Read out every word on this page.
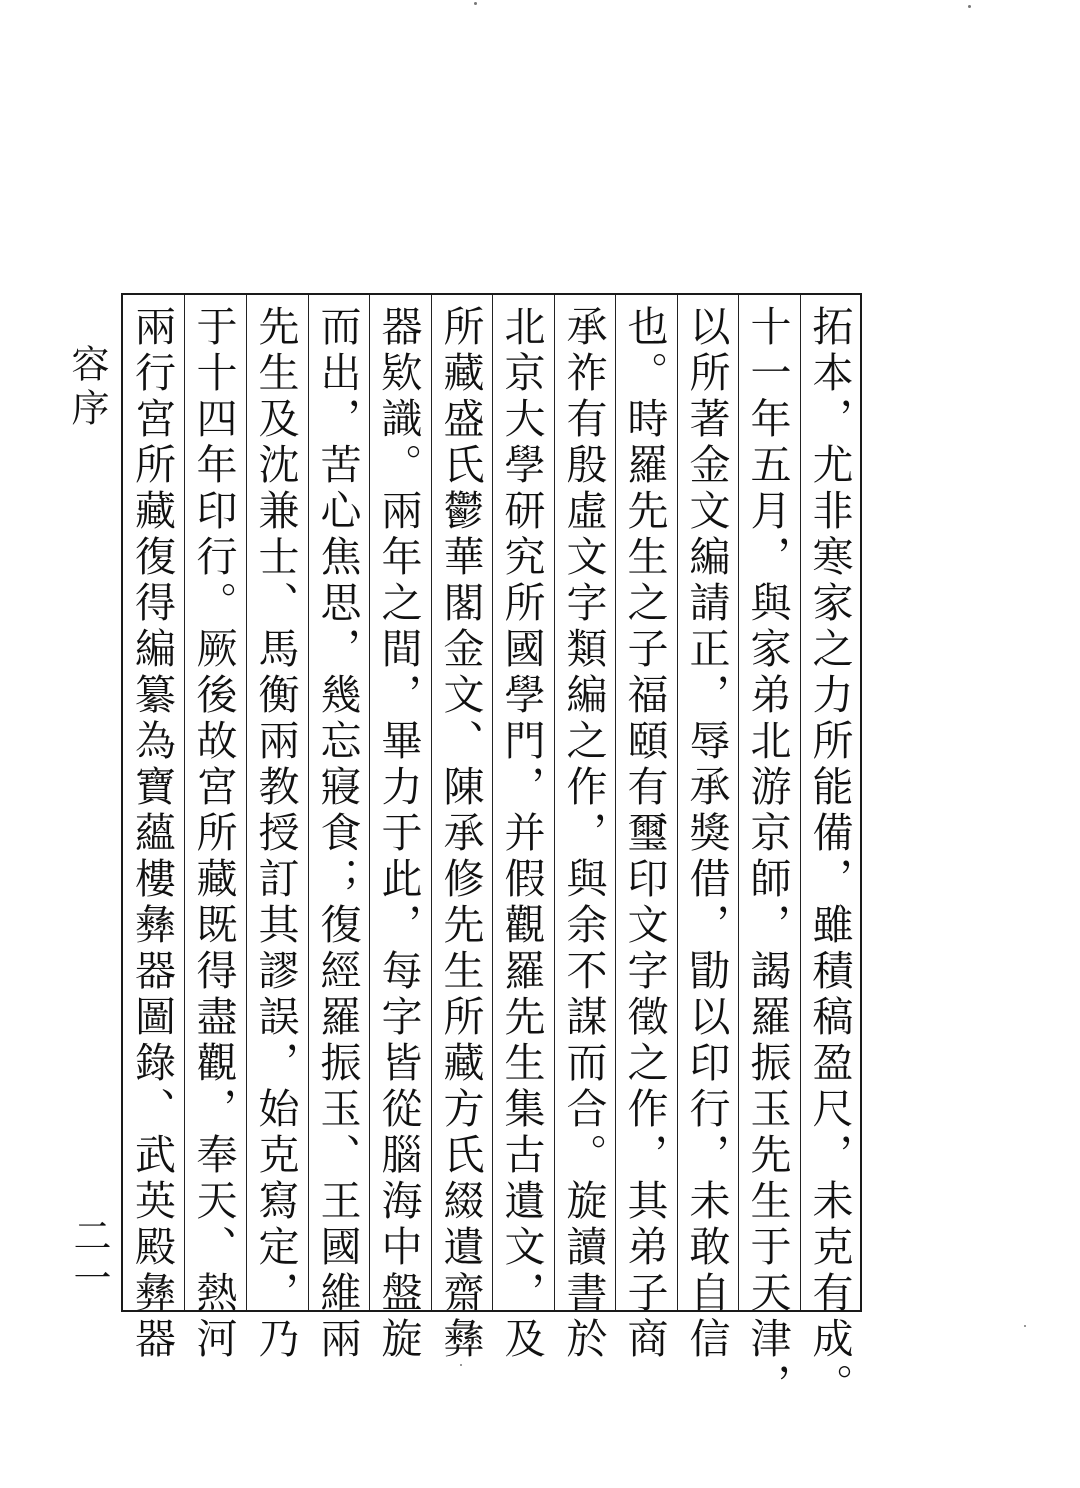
容序
二一 兩行宮所藏復得編纂為寶蘊樓彝器圖錄、武英殿彝器 于十四年印行。厥後故宮所藏既得盡觀，奉天、熱河 先生及沈兼士、馬衡兩教授訂其謬誤，始克寫定，乃 而出，苦心焦思，幾忘寢食；復經羅振玉、王國維兩 器欵識。兩年之間，畢力于此，每字皆從腦海中盤旋 所藏盛氏鬱華閣金文、陳承修先生所藏方氏綴遺齋彝 北京大學研究所國學門，并假觀羅先生集古遺文，及 承祚有殷虛文字類編之作，與余不謀而合。旋讀書於 也。時羅先生之子福頤有璽印文字徵之作，其弟子商 以所著金文編請正，辱承獎借，勖以印行，未敢自信 十一年五月，與家弟北游京師，謁羅振玉先生于天津， 拓本，尤非寒家之力所能備，雖積稿盈尺，未克有成。
